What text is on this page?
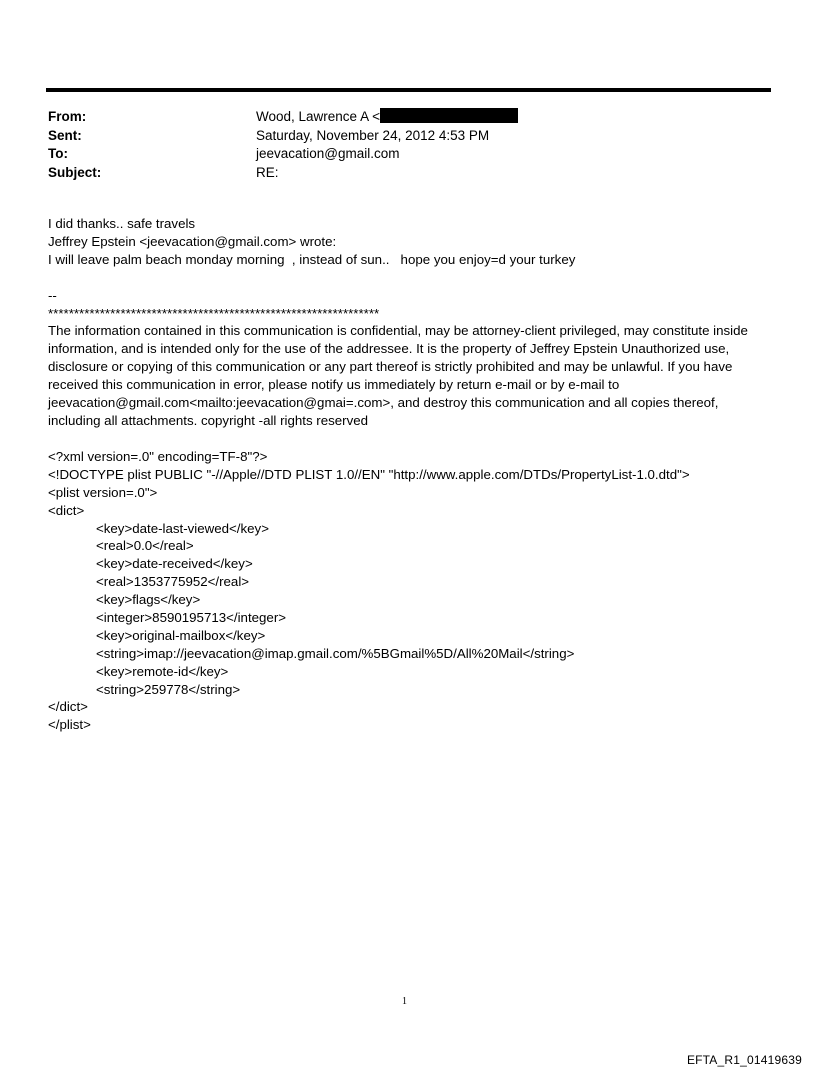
From:	Wood, Lawrence A <
Sent:	Saturday, November 24, 2012 4:53 PM
To:	jeevacation@gmail.com
Subject:	RE:
I did thanks.. safe travels
Jeffrey Epstein <jeevacation@gmail.com> wrote:
I will leave palm beach monday morning  , instead of sun..   hope you enjoy=d your turkey
--
****************************************************************
The information contained in this communication is confidential, may be attorney-client privileged, may constitute inside information, and is intended only for the use of the addressee. It is the property of Jeffrey Epstein Unauthorized use, disclosure or copying of this communication or any part thereof is strictly prohibited and may be unlawful. If you have received this communication in error, please notify us immediately by return e-mail or by e-mail to jeevacation@gmail.com<mailto:jeevacation@gmai=.com>, and destroy this communication and all copies thereof, including all attachments. copyright -all rights reserved
<?xml version=.0" encoding=TF-8"?>
<!DOCTYPE plist PUBLIC "-//Apple//DTD PLIST 1.0//EN" "http://www.apple.com/DTDs/PropertyList-1.0.dtd">
<plist version=.0">
<dict>
<key>date-last-viewed</key>
<real>0.0</real>
<key>date-received</key>
<real>1353775952</real>
<key>flags</key>
<integer>8590195713</integer>
<key>original-mailbox</key>
<string>imap://jeevacation@imap.gmail.com/%5BGmail%5D/All%20Mail</string>
<key>remote-id</key>
<string>259778</string>
</dict>
</plist>
1
EFTA_R1_01419639
